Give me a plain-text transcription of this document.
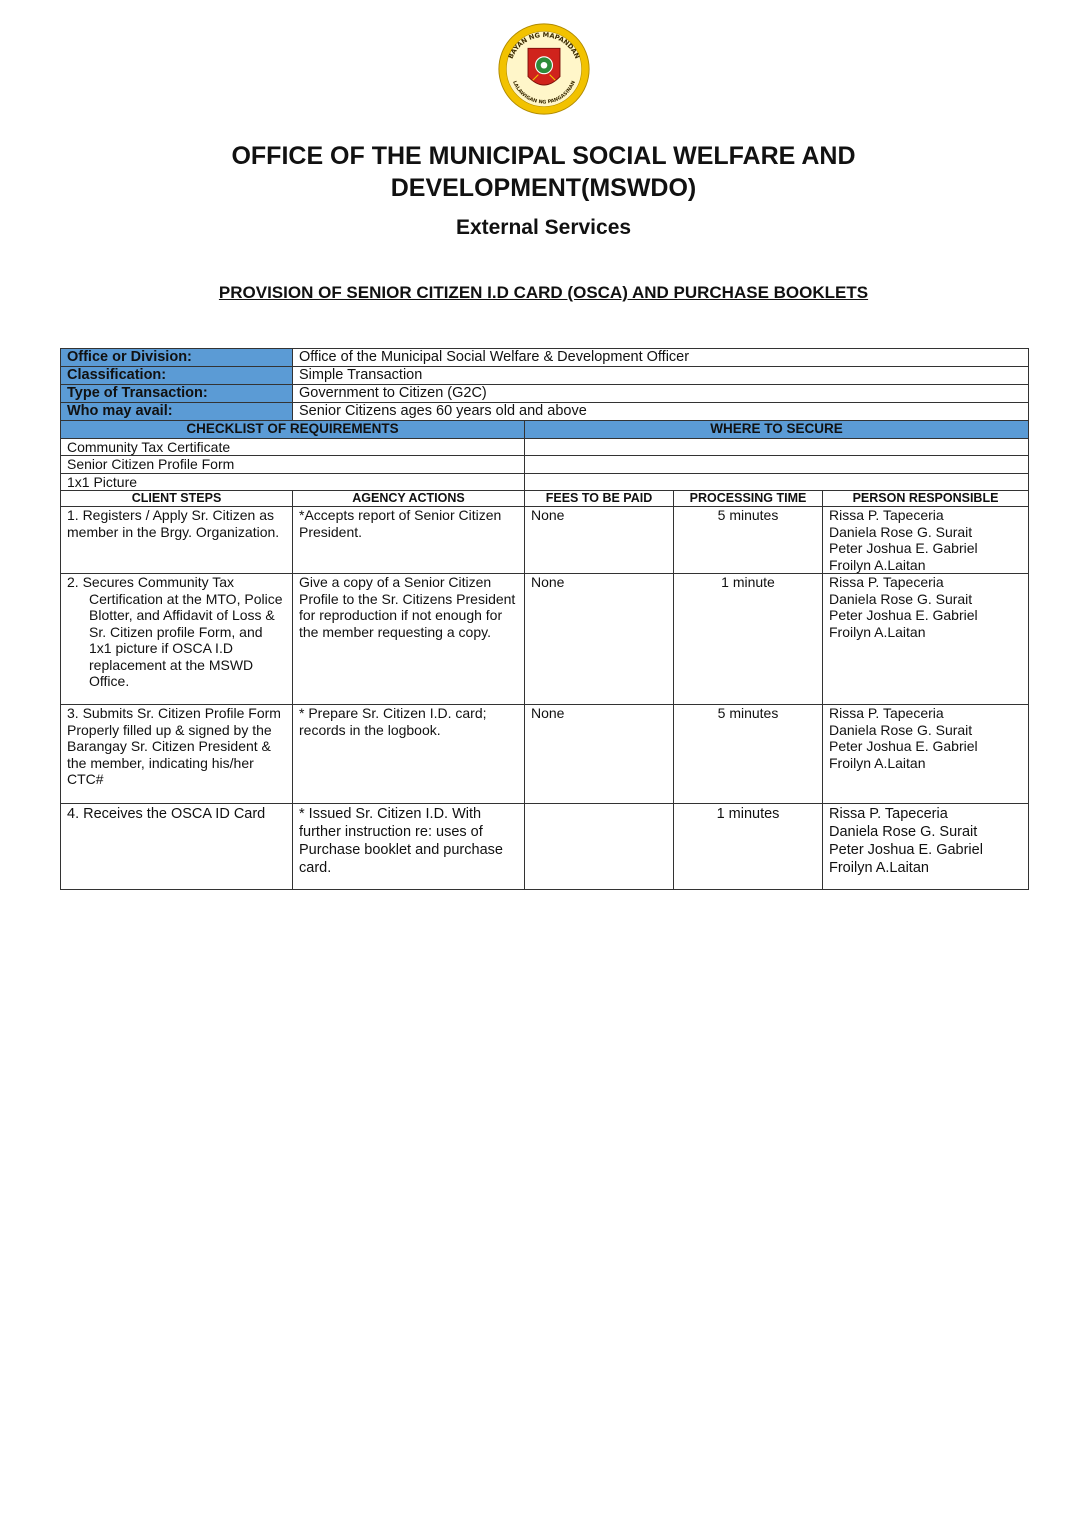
BAYAN NG MAPANDAN
LALAWIGAN NG PANGASINAN
OFFICE OF THE MUNICIPAL SOCIAL WELFARE AND
DEVELOPMENT(MSWDO)
External Services
PROVISION OF SENIOR CITIZEN I.D CARD (OSCA) AND PURCHASE BOOKLETS
Office or Division:	Office of the Municipal Social Welfare & Development Officer			
Classification:	Simple Transaction			
Type of Transaction:	Government to Citizen (G2C)			
Who may avail:	Senior Citizens ages 60 years old and above			
CHECKLIST OF REQUIREMENTS		WHERE TO SECURE		
Community Tax Certificate				
Senior Citizen Profile Form				
1x1 Picture				
CLIENT STEPS	AGENCY ACTIONS	FEES TO BE PAID	PROCESSING TIME	PERSON RESPONSIBLE
1. Registers / Apply Sr. Citizen as member in the Brgy. Organization.	*Accepts report of Senior Citizen President.	None	5 minutes	Rissa P. Tapeceria
Daniela Rose G. Surait
Peter Joshua E. Gabriel
Froilyn A.Laitan

2. Secures Community Tax Certification at the MTO, Police Blotter, and Affidavit of Loss & Sr. Citizen profile Form, and 1x1 picture if OSCA I.D replacement at the MSWD Office.	Give a copy of a Senior Citizen Profile to the Sr. Citizens President for reproduction if not enough for the member requesting a copy.	None	1 minute	Rissa P. Tapeceria
Daniela Rose G. Surait
Peter Joshua E. Gabriel
Froilyn A.Laitan

3. Submits Sr. Citizen Profile Form Properly filled up & signed by the Barangay Sr. Citizen President & the member, indicating his/her CTC#	* Prepare Sr. Citizen I.D. card; records in the logbook.	None	5 minutes	Rissa P. Tapeceria
Daniela Rose G. Surait
Peter Joshua E. Gabriel
Froilyn A.Laitan

4. Receives the OSCA ID Card	* Issued Sr. Citizen I.D. With further instruction re: uses of Purchase booklet and purchase card.		1 minutes	Rissa P. Tapeceria
Daniela Rose G. Surait
Peter Joshua E. Gabriel
Froilyn A.Laitan
